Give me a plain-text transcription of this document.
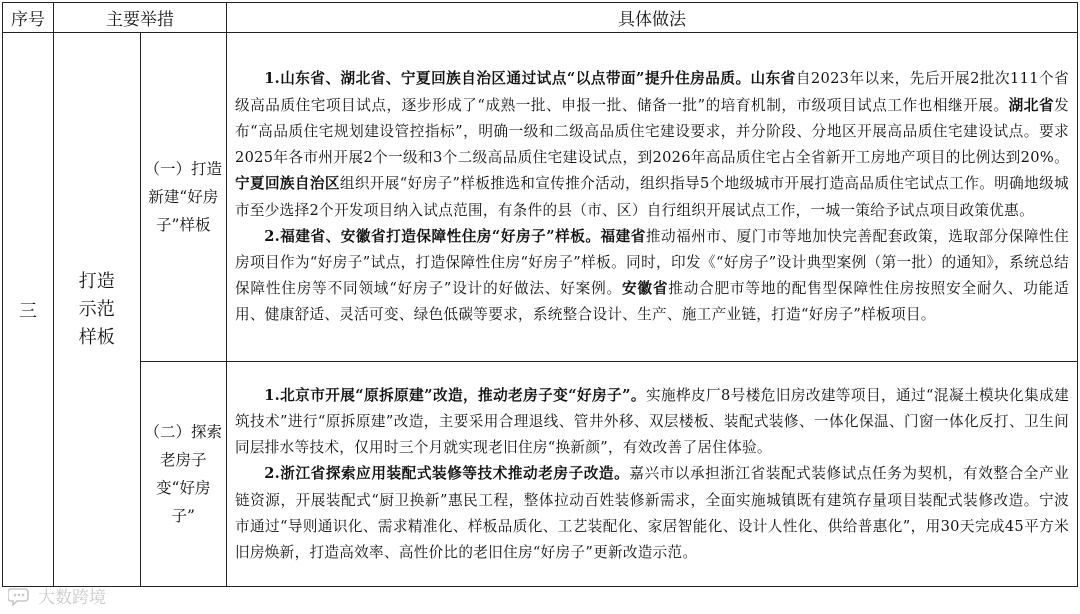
序号	主要举措		具体做法
三	打造示范样板	（一）打造新建“好房子”样板	1.山东省、湖北省、宁夏回族自治区通过试点“以点带面”提升住房品质。山东省自2023年以来，先后开展2批次111个省级高品质住宅项目试点，逐步形成了“成熟一批、申报一批、储备一批”的培育机制，市级项目试点工作也相继开展。湖北省发布“高品质住宅规划建设管控指标”，明确一级和二级高品质住宅建设要求，并分阶段、分地区开展高品质住宅建设试点。要求2025年各市州开展2个一级和3个二级高品质住宅建设试点，到2026年高品质住宅占全省新开工房地产项目的比例达到20%。宁夏回族自治区组织开展“好房子”样板推选和宣传推介活动，组织指导5个地级城市开展打造高品质住宅试点工作。明确地级城市至少选择2个开发项目纳入试点范围，有条件的县（市、区）自行组织开展试点工作，一城一策给予试点项目政策优惠。

2.福建省、安徽省打造保障性住房“好房子”样板。福建省推动福州市、厦门市等地加快完善配套政策，选取部分保障性住房项目作为“好房子”试点，打造保障性住房“好房子”样板。同时，印发《“好房子”设计典型案例（第一批）的通知》，系统总结保障性住房等不同领域“好房子”设计的好做法、好案例。安徽省推动合肥市等地的配售型保障性住房按照安全耐久、功能适用、健康舒适、灵活可变、绿色低碳等要求，系统整合设计、生产、施工产业链，打造“好房子”样板项目。

		（二）探索老房子变“好房子”	1.北京市开展“原拆原建”改造，推动老房子变“好房子”。实施桦皮厂8号楼危旧房改建等项目，通过“混凝土模块化集成建筑技术”进行“原拆原建”改造，主要采用合理退线、管井外移、双层楼板、装配式装修、一体化保温、门窗一体化反打、卫生间同层排水等技术，仅用时三个月就实现老旧住房“换新颜”，有效改善了居住体验。

2.浙江省探索应用装配式装修等技术推动老房子改造。嘉兴市以承担浙江省装配式装修试点任务为契机，有效整合全产业链资源，开展装配式“厨卫换新”惠民工程，整体拉动百姓装修新需求，全面实施城镇既有建筑存量项目装配式装修改造。宁波市通过“导则通识化、需求精准化、样板品质化、工艺装配化、家居智能化、设计人性化、供给普惠化”，用30天完成45平方米旧房焕新，打造高效率、高性价比的老旧住房“好房子”更新改造示范。

大数跨境
